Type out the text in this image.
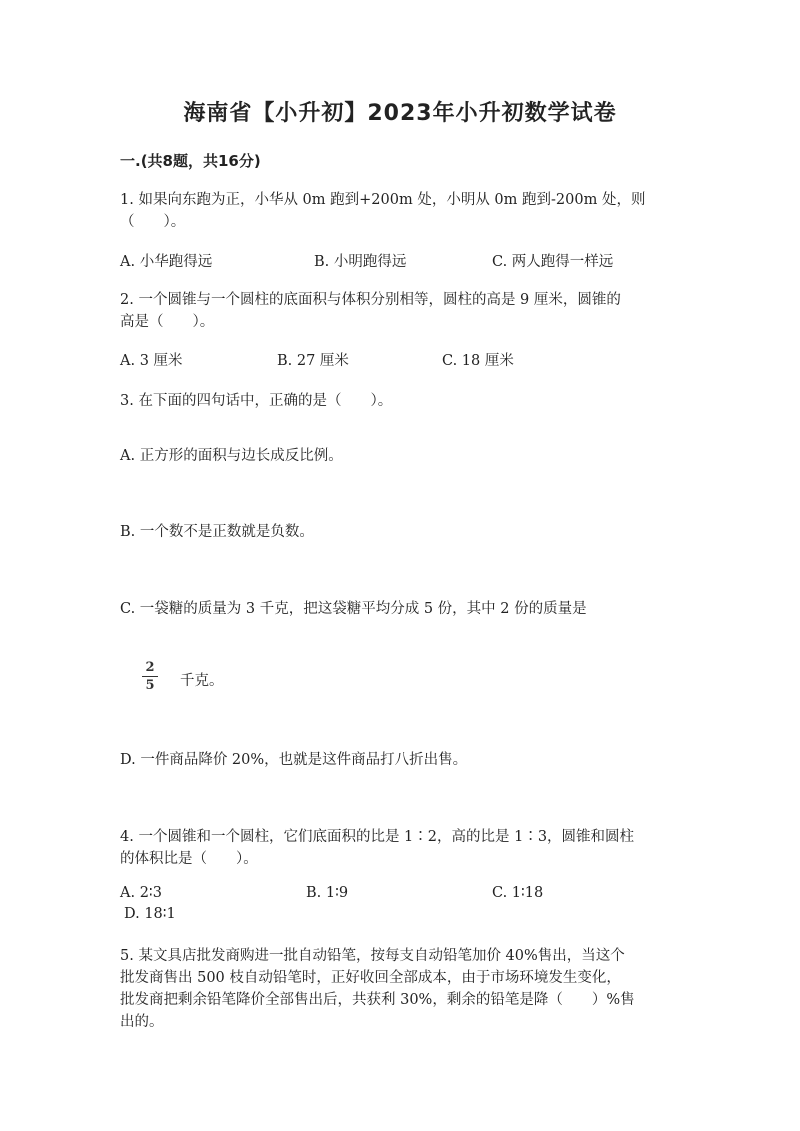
海南省【小升初】2023年小升初数学试卷
一.(共8题，共16分)
1. 如果向东跑为正，小华从 0m 跑到+200m 处，小明从 0m 跑到-200m 处，则
（　　）。
A. 小华跑得远	B. 小明跑得远	C. 两人跑得一样远
2. 一个圆锥与一个圆柱的底面积与体积分别相等，圆柱的高是 9 厘米，圆锥的
高是（　　）。
A. 3 厘米	B. 27 厘米	C. 18 厘米
3. 在下面的四句话中，正确的是（　　）。
A. 正方形的面积与边长成反比例。
B. 一个数不是正数就是负数。
C. 一袋糖的质量为 3 千克，把这袋糖平均分成 5 份，其中 2 份的质量是
2
5	千克。
D. 一件商品降价 20%，也就是这件商品打八折出售。
4. 一个圆锥和一个圆柱，它们底面积的比是 1∶2，高的比是 1∶3，圆锥和圆柱
的体积比是（　　）。
A. 2∶3	B. 1∶9	C. 1∶18
D. 18∶1
5. 某文具店批发商购进一批自动铅笔，按每支自动铅笔加价 40%售出，当这个
批发商售出 500 枝自动铅笔时，正好收回全部成本，由于市场环境发生变化，
批发商把剩余铅笔降价全部售出后，共获利 30%，剩余的铅笔是降（　　）%售
出的。
